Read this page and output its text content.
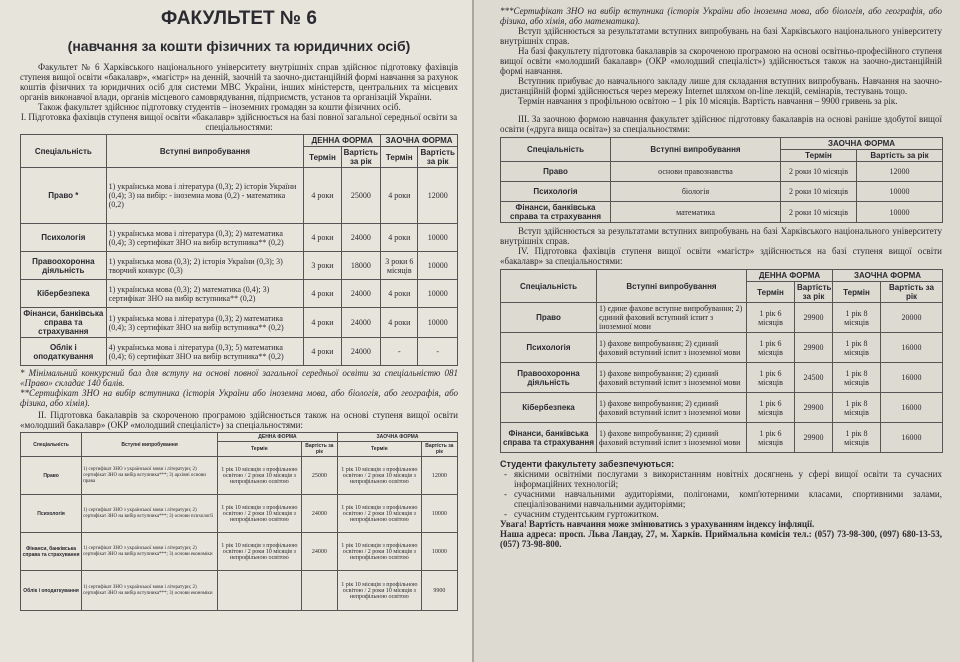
ФАКУЛЬТЕТ № 6
(навчання за кошти фізичних та юридичних осіб)

Факультет № 6 Харківського національного університету внутрішніх справ здійснює підготовку фахівців ступеня вищої освіти «бакалавр», «магістр» на денній, заочній та заочно-дистанційній формі навчання за рахунок коштів фізичних та юридичних осіб для системи МВС України, інших міністерств, центральних та місцевих органів виконавчої влади, органів місцевого самоврядування, підприємств, установ та організацій України.

Також факультет здійснює підготовку студентів – іноземних громадян за кошти фізичних осіб.

І. Підготовка фахівців ступеня вищої освіти «бакалавр» здійснюється на базі повної загальної середньої освіти за спеціальностями:

Спеціальність	Вступні випробування	ДЕННА ФОРМА		ЗАОЧНА ФОРМА	
		Термін	Вартість за рік	Термін	Вартість за рік
Право *	1) українська мова і література (0,3); 2) історія України (0,4); 3) на вибір: - іноземна мова (0,2) - математика (0,2)	4 роки	25000	4 роки	12000
Психологія	1) українська мова і література (0,3); 2) математика (0,4); 3) сертифікат ЗНО на вибір вступника** (0,2)	4 роки	24000	4 роки	10000
Правоохоронна діяльність	1) українська мова (0,3); 2) історія України (0,3); 3) творчий конкурс (0,3)	3 роки	18000	3 роки 6 місяців	10000
Кібербезпека	1) українська мова (0,3); 2) математика (0,4); 3) сертифікат ЗНО на вибір вступника** (0,2)	4 роки	24000	4 роки	10000
Фінанси, банківська справа та страхування	1) українська мова і література (0,3); 2) математика (0,4); 3) сертифікат ЗНО на вибір вступника** (0,2)	4 роки	24000	4 роки	10000
Облік і оподаткування	4) українська мова і література (0,3); 5) математика (0,4); 6) сертифікат ЗНО на вибір вступника** (0,2)	4 роки	24000	-	-

* Мінімальний конкурсний бал для вступу на основі повної загальної середньої освіти за спеціальністю 081 «Право» складає 140 балів.

**Сертифікат ЗНО на вибір вступника (історія України або іноземна мова, або біологія, або географія, або фізика, або хімія).

ІІ. Підготовка бакалаврів за скороченою програмою здійснюється також на основі ступеня вищої освіти «молодший бакалавр» (ОКР «молодший спеціаліст») за спеціальностями:

Спеціальність	Вступні випробування	ДЕННА ФОРМА		ЗАОЧНА ФОРМА	
		Термін	Вартість за рік	Термін	Вартість за рік
Право	1) сертифікат ЗНО з української мови і літератури; 2) сертифікат ЗНО на вибір вступника***; 3) архівні основи права	1 рік 10 місяців з профільною освітою / 2 роки 10 місяців з непрофільною освітою	25000	1 рік 10 місяців з профільною освітою / 2 роки 10 місяців з непрофільною освітою	12000
Психологія	1) сертифікат ЗНО з української мови і літератури; 2) сертифікат ЗНО на вибір вступника***; 3) основи психології	1 рік 10 місяців з профільною освітою / 2 роки 10 місяців з непрофільною освітою	24000	1 рік 10 місяців з профільною освітою / 2 роки 10 місяців з непрофільною освітою	10000
Фінанси, банківська справа та страхування	1) сертифікат ЗНО з української мови і літератури; 2) сертифікат ЗНО на вибір вступника***; 3) основи економіки	1 рік 10 місяців з профільною освітою / 2 роки 10 місяців з непрофільною освітою	24000	1 рік 10 місяців з профільною освітою / 2 роки 10 місяців з непрофільною освітою	10000
Облік і оподаткування	1) сертифікат ЗНО з української мови і літератури; 2) сертифікат ЗНО на вибір вступника***; 3) основи економіки			1 рік 10 місяців з профільною освітою / 2 роки 10 місяців з непрофільною освітою	9900

***Сертифікат ЗНО на вибір вступника (історія України або іноземна мова, або біологія, або географія, або фізика, або хімія, або математика).

Вступ здійснюється за результатами вступних випробувань на базі Харківського національного університету внутрішніх справ.

На базі факультету підготовка бакалаврів за скороченою програмою на основі освітньо-професійного ступеня вищої освіти «молодший бакалавр» (ОКР «молодший спеціаліст») здійснюється також на заочно-дистанційній формі навчання.

Вступник прибуває до навчального закладу лише для складання вступних випробувань. Навчання на заочно-дистанційній формі здійснюється через мережу Internet шляхом on-line лекцій, семінарів, тестувань тощо.

Термін навчання з профільною освітою – 1 рік 10 місяців. Вартість навчання – 9900 гривень за рік.

ІІІ. За заочною формою навчання факультет здійснює підготовку бакалаврів на основі раніше здобутої вищої освіти («друга вища освіта») за спеціальностями:

Спеціальність	Вступні випробування	ЗАОЧНА ФОРМА	
		Термін	Вартість за рік
Право	основи правознавства	2 роки 10 місяців	12000
Психологія	біологія	2 роки 10 місяців	10000
Фінанси, банківська справа та страхування	математика	2 роки 10 місяців	10000

Вступ здійснюється за результатами вступних випробувань на базі Харківського національного університету внутрішніх справ.

IV. Підготовка фахівців ступеня вищої освіти «магістр» здійснюється на базі ступеня вищої освіти «бакалавр» за спеціальностями:

Спеціальність	Вступні випробування	ДЕННА ФОРМА		ЗАОЧНА ФОРМА	
		Термін	Вартість за рік	Термін	Вартість за рік
Право	1) єдине фахове вступне випробування; 2) єдиний фаховий вступний іспит з іноземної мови	1 рік 6 місяців	29900	1 рік 8 місяців	20000
Психологія	1) фахове випробування; 2) єдиний фаховий вступний іспит з іноземної мови	1 рік 6 місяців	29900	1 рік 8 місяців	16000
Правоохоронна діяльність	1) фахове випробування; 2) єдиний фаховий вступний іспит з іноземної мови	1 рік 6 місяців	24500	1 рік 8 місяців	16000
Кібербезпека	1) фахове випробування; 2) єдиний фаховий вступний іспит з іноземної мови	1 рік 6 місяців	29900	1 рік 8 місяців	16000
Фінанси, банківська справа та страхування	1) фахове випробування; 2) єдиний фаховий вступний іспит з іноземної мови	1 рік 6 місяців	29900	1 рік 8 місяців	16000

Студенти факультету забезпечуються:

- якісними освітніми послугами з використанням новітніх досягнень у сфері вищої освіти та сучасних інформаційних технологій;
- сучасними навчальними аудиторіями, полігонами, комп'ютерними класами, спортивними залами, спеціалізованими навчальними аудиторіями;
- сучасним студентським гуртожитком.

Увага! Вартість навчання може змінюватись з урахуванням індексу інфляції.

Наша адреса: просп. Льва Ландау, 27, м. Харків. Приймальна комісія тел.: (057) 73-98-300, (097) 680-13-53, (057) 73-98-800.
